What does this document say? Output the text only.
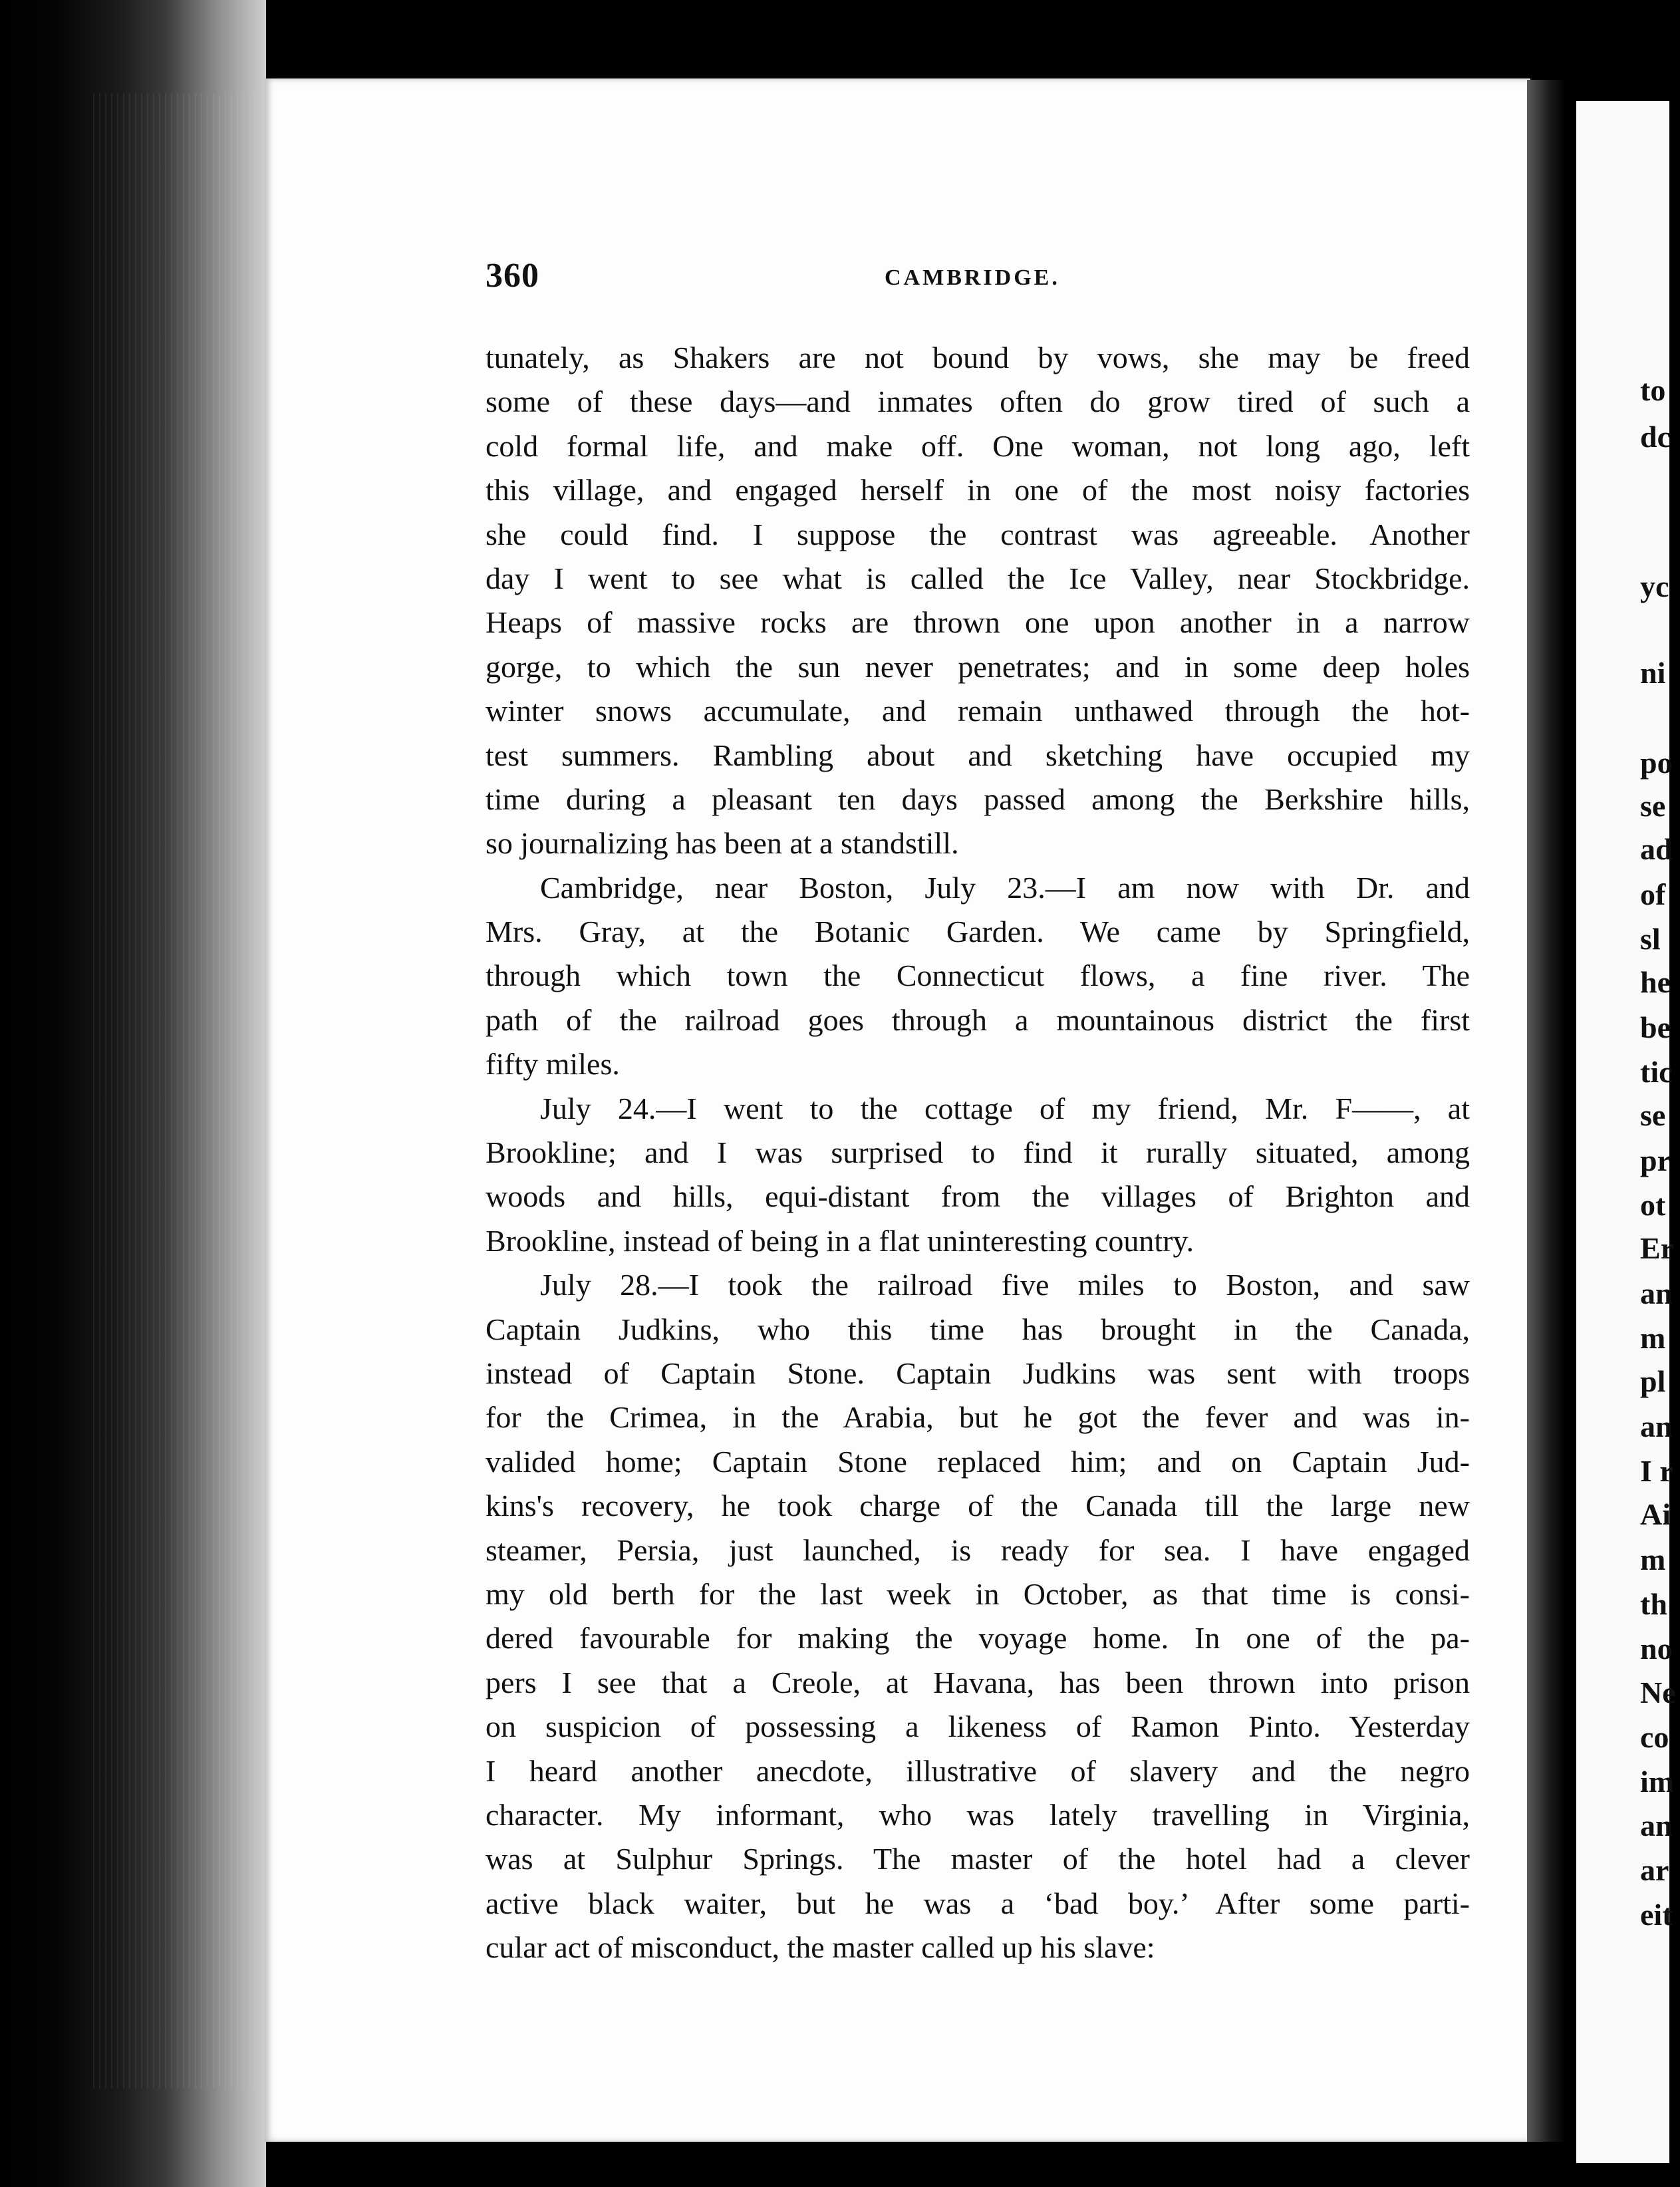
to

dc

yc

ni

po

se

ad

of

sl

he

be

tic

se

pr

ot

Er

an

m

pl

an

I r

Ai

m

th

no

Ne

co

im

an

ar

eit

360	CAMBRIDGE.

tunately, as Shakers are not bound by vows, she may be freed

some of these days—and inmates often do grow tired of such a

cold formal life, and make off. One woman, not long ago, left

this village, and engaged herself in one of the most noisy factories

she could find. I suppose the contrast was agreeable. Another

day I went to see what is called the Ice Valley, near Stockbridge.

Heaps of massive rocks are thrown one upon another in a narrow

gorge, to which the sun never penetrates; and in some deep holes

winter snows accumulate, and remain unthawed through the hot-

test summers. Rambling about and sketching have occupied my

time during a pleasant ten days passed among the Berkshire hills,

so journalizing has been at a standstill.

Cambridge, near Boston, July 23.—I am now with Dr. and

Mrs. Gray, at the Botanic Garden. We came by Springfield,

through which town the Connecticut flows, a fine river. The

path of the railroad goes through a mountainous district the first

fifty miles.

July 24.—I went to the cottage of my friend, Mr. F——, at

Brookline; and I was surprised to find it rurally situated, among

woods and hills, equi-distant from the villages of Brighton and

Brookline, instead of being in a flat uninteresting country.

July 28.—I took the railroad five miles to Boston, and saw

Captain Judkins, who this time has brought in the Canada,

instead of Captain Stone. Captain Judkins was sent with troops

for the Crimea, in the Arabia, but he got the fever and was in-

valided home; Captain Stone replaced him; and on Captain Jud-

kins's recovery, he took charge of the Canada till the large new

steamer, Persia, just launched, is ready for sea. I have engaged

my old berth for the last week in October, as that time is consi-

dered favourable for making the voyage home. In one of the pa-

pers I see that a Creole, at Havana, has been thrown into prison

on suspicion of possessing a likeness of Ramon Pinto. Yesterday

I heard another anecdote, illustrative of slavery and the negro

character. My informant, who was lately travelling in Virginia,

was at Sulphur Springs. The master of the hotel had a clever

active black waiter, but he was a ‘bad boy.’ After some parti-

cular act of misconduct, the master called up his slave:
